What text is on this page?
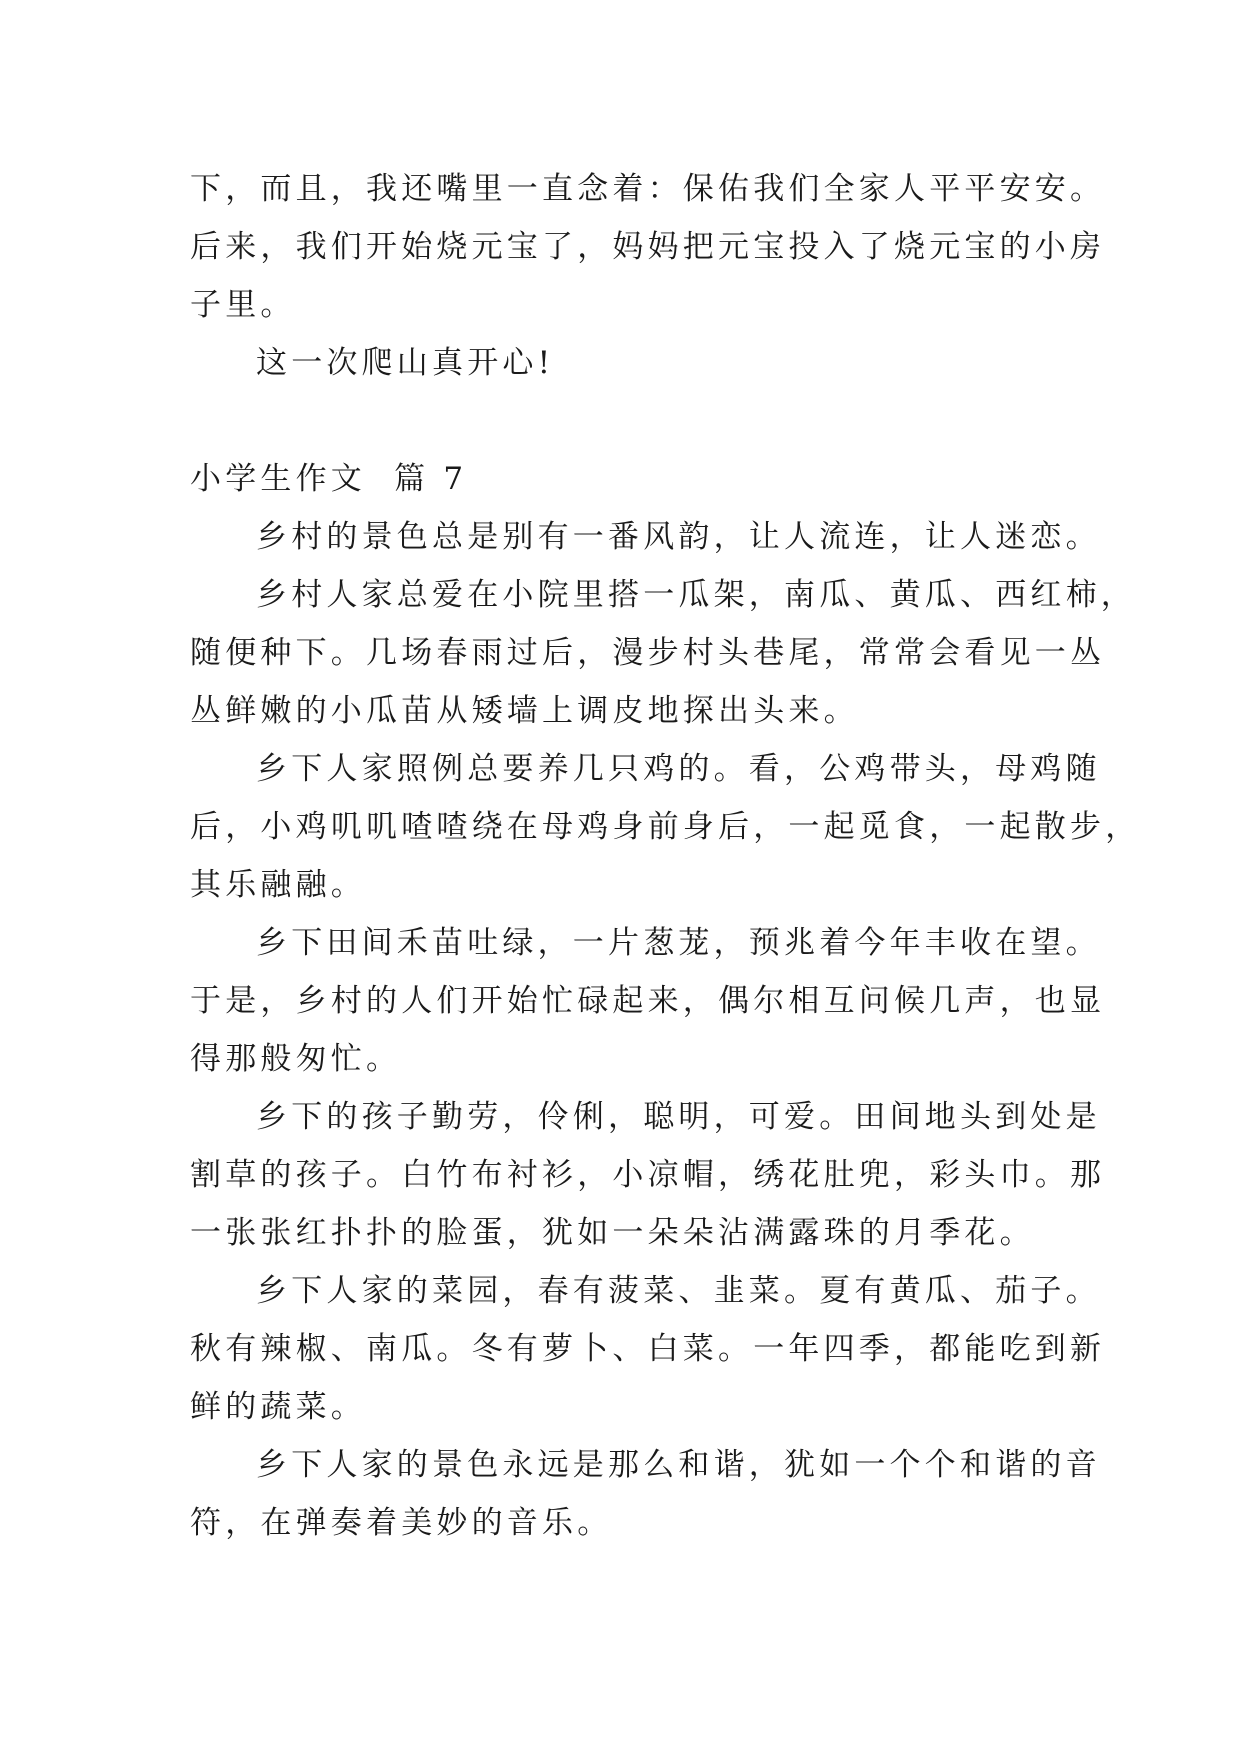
下，而且，我还嘴里一直念着：保佑我们全家人平平安安。

后来，我们开始烧元宝了，妈妈把元宝投入了烧元宝的小房

子里。

这一次爬山真开心!

小学生作文  篇 7

乡村的景色总是别有一番风韵，让人流连，让人迷恋。

乡村人家总爱在小院里搭一瓜架，南瓜、黄瓜、西红柿，

随便种下。几场春雨过后，漫步村头巷尾，常常会看见一丛

丛鲜嫩的小瓜苗从矮墙上调皮地探出头来。

乡下人家照例总要养几只鸡的。看，公鸡带头，母鸡随

后，小鸡叽叽喳喳绕在母鸡身前身后，一起觅食，一起散步，

其乐融融。

乡下田间禾苗吐绿，一片葱茏，预兆着今年丰收在望。

于是，乡村的人们开始忙碌起来，偶尔相互问候几声，也显

得那般匆忙。

乡下的孩子勤劳，伶俐，聪明，可爱。田间地头到处是

割草的孩子。白竹布衬衫，小凉帽，绣花肚兜，彩头巾。那

一张张红扑扑的脸蛋，犹如一朵朵沾满露珠的月季花。

乡下人家的菜园，春有菠菜、韭菜。夏有黄瓜、茄子。

秋有辣椒、南瓜。冬有萝卜、白菜。一年四季，都能吃到新

鲜的蔬菜。

乡下人家的景色永远是那么和谐，犹如一个个和谐的音

符，在弹奏着美妙的音乐。
